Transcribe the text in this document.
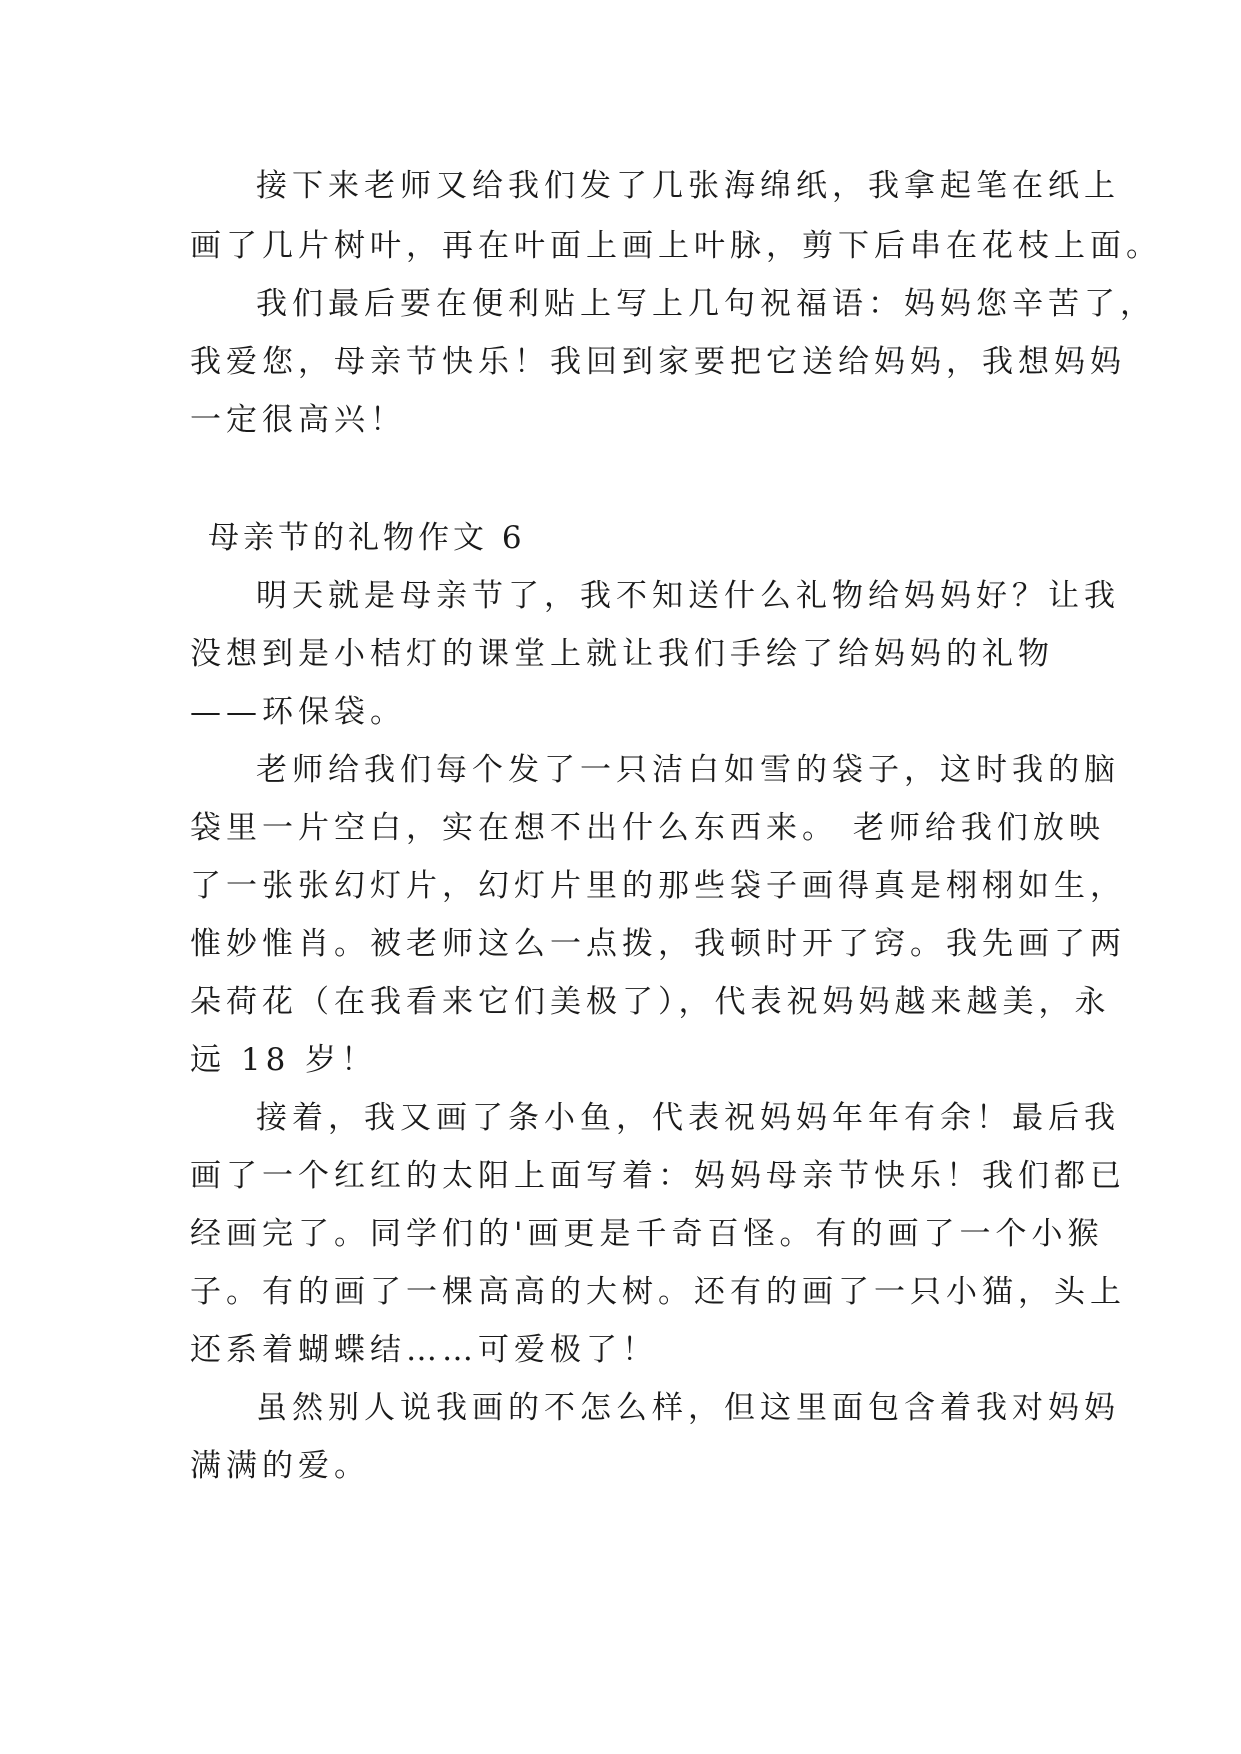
接下来老师又给我们发了几张海绵纸，我拿起笔在纸上
画了几片树叶，再在叶面上画上叶脉，剪下后串在花枝上面。
我们最后要在便利贴上写上几句祝福语：妈妈您辛苦了，
我爱您，母亲节快乐！我回到家要把它送给妈妈，我想妈妈
一定很高兴！
母亲节的礼物作文 6
明天就是母亲节了，我不知送什么礼物给妈妈好？让我
没想到是小桔灯的课堂上就让我们手绘了给妈妈的礼物
——环保袋。
老师给我们每个发了一只洁白如雪的袋子，这时我的脑
袋里一片空白，实在想不出什么东西来。 老师给我们放映
了一张张幻灯片，幻灯片里的那些袋子画得真是栩栩如生，
惟妙惟肖。被老师这么一点拨，我顿时开了窍。我先画了两
朵荷花（在我看来它们美极了），代表祝妈妈越来越美，永
远 18 岁！
接着，我又画了条小鱼，代表祝妈妈年年有余！最后我
画了一个红红的太阳上面写着：妈妈母亲节快乐！我们都已
经画完了。同学们的'画更是千奇百怪。有的画了一个小猴
子。有的画了一棵高高的大树。还有的画了一只小猫，头上
还系着蝴蝶结……可爱极了！
虽然别人说我画的不怎么样，但这里面包含着我对妈妈
满满的爱。
